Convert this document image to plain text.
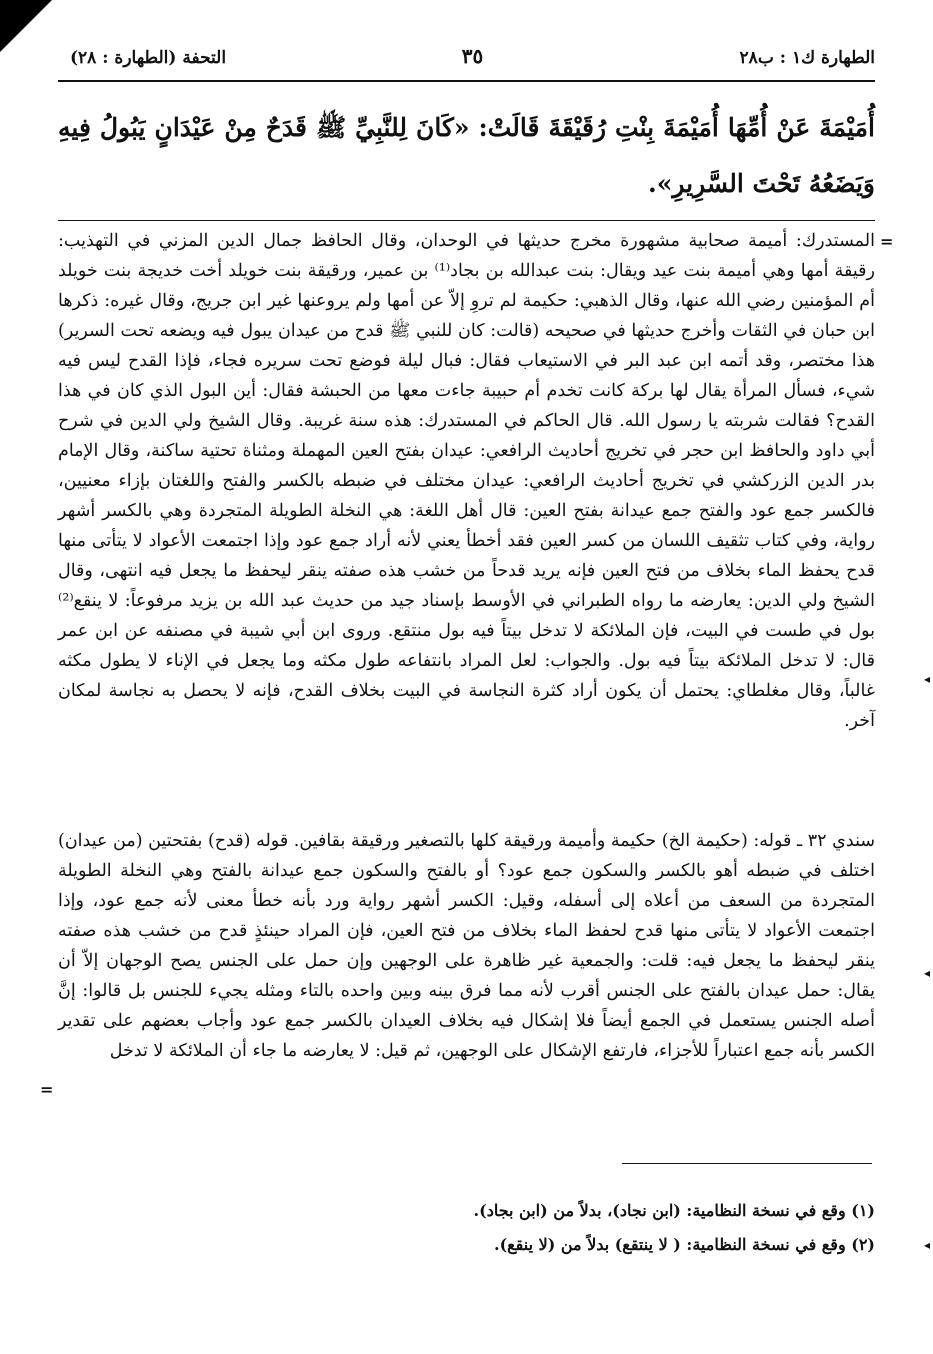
الطهارة ك١ : ب٢٨
٣٥
التحفة (الطهارة : ٢٨)
أُمَيْمَةَ عَنْ أُمِّهَا أُمَيْمَةَ بِنْتِ رُقَيْقَةَ قَالَتْ: «كَانَ لِلنَّبِيِّ ﷺ قَدَحٌ مِنْ عَيْدَانٍ يَبُولُ فِيهِ وَيَضَعُهُ تَحْتَ السَّرِيرِ».
المستدرك: أميمة صحابية مشهورة مخرج حديثها في الوحدان، وقال الحافظ جمال الدين المزني في التهذيب: رقيقة أمها وهي أميمة بنت عيد ويقال: بنت عبدالله بن بجاد⁽¹⁾ بن عمير، ورقيقة بنت خويلد أخت خديجة بنت خويلد أم المؤمنين رضي الله عنها، وقال الذهبي: حكيمة لم تروِ إلاّ عن أمها ولم يروعنها غير ابن جريج، وقال غيره: ذكرها ابن حبان في الثقات وأخرج حديثها في صحيحه (قالت: كان للنبي ﷺ قدح من عيدان يبول فيه ويضعه تحت السرير) هذا مختصر، وقد أتمه ابن عبد البر في الاستيعاب فقال: فبال ليلة فوضع تحت سريره فجاء، فإذا القدح ليس فيه شيء، فسأل المرأة يقال لها بركة كانت تخدم أم حبيبة جاءت معها من الحبشة فقال: أين البول الذي كان في هذا القدح؟ فقالت شربته يا رسول الله. قال الحاكم في المستدرك: هذه سنة غريبة. وقال الشيخ ولي الدين في شرح أبي داود والحافظ ابن حجر في تخريج أحاديث الرافعي: عيدان بفتح العين المهملة ومثناة تحتية ساكنة، وقال الإمام بدر الدين الزركشي في تخريج أحاديث الرافعي: عيدان مختلف في ضبطه بالكسر والفتح واللغتان بإزاء معنيين، فالكسر جمع عود والفتح جمع عيدانة بفتح العين: قال أهل اللغة: هي النخلة الطويلة المتجردة وهي بالكسر أشهر رواية، وفي كتاب تثقيف اللسان من كسر العين فقد أخطأ يعني لأنه أراد جمع عود وإذا اجتمعت الأعواد لا يتأتى منها قدح يحفظ الماء بخلاف من فتح العين فإنه يريد قدحاً من خشب هذه صفته ينقر ليحفظ ما يجعل فيه انتهى، وقال الشيخ ولي الدين: يعارضه ما رواه الطبراني في الأوسط بإسناد جيد من حديث عبد الله بن يزيد مرفوعاً: لا ينقع⁽²⁾ بول في طست في البيت، فإن الملائكة لا تدخل بيتاً فيه بول منتقع. وروى ابن أبي شيبة في مصنفه عن ابن عمر قال: لا تدخل الملائكة بيتاً فيه بول. والجواب: لعل المراد بانتفاعه طول مكثه وما يجعل في الإناء لا يطول مكثه غالباً، وقال مغلطاي: يحتمل أن يكون أراد كثرة النجاسة في البيت بخلاف القدح، فإنه لا يحصل به نجاسة لمكان آخر.
سندي ٣٢ ـ قوله: (حكيمة الخ) حكيمة وأميمة ورقيقة كلها بالتصغير ورقيقة بقافين. قوله (قدح) بفتحتين (من عيدان) اختلف في ضبطه أهو بالكسر والسكون جمع عود؟ أو بالفتح والسكون جمع عيدانة بالفتح وهي النخلة الطويلة المتجردة من السعف من أعلاه إلى أسفله، وقيل: الكسر أشهر رواية ورد بأنه خطأ معنى لأنه جمع عود، وإذا اجتمعت الأعواد لا يتأتى منها قدح لحفظ الماء بخلاف من فتح العين، فإن المراد حينئذٍ قدح من خشب هذه صفته ينقر ليحفظ ما يجعل فيه: قلت: والجمعية غير ظاهرة على الوجهين وإن حمل على الجنس يصح الوجهان إلاّ أن يقال: حمل عيدان بالفتح على الجنس أقرب لأنه مما فرق بينه وبين واحده بالتاء ومثله يجيء للجنس بل قالوا: إنَّ أصله الجنس يستعمل في الجمع أيضاً فلا إشكال فيه بخلاف العيدان بالكسر جمع عود وأجاب بعضهم على تقدير الكسر بأنه جمع اعتباراً للأجزاء، فارتفع الإشكال على الوجهين، ثم قيل: لا يعارضه ما جاء أن الملائكة لا تدخل
=
◂
◂
=
◂
(١) وقع في نسخة النظامية: (ابن نجاد)، بدلاً من (ابن بجاد).
(٢) وقع في نسخة النظامية: ( لا ينتقع) بدلاً من (لا ينقع).
